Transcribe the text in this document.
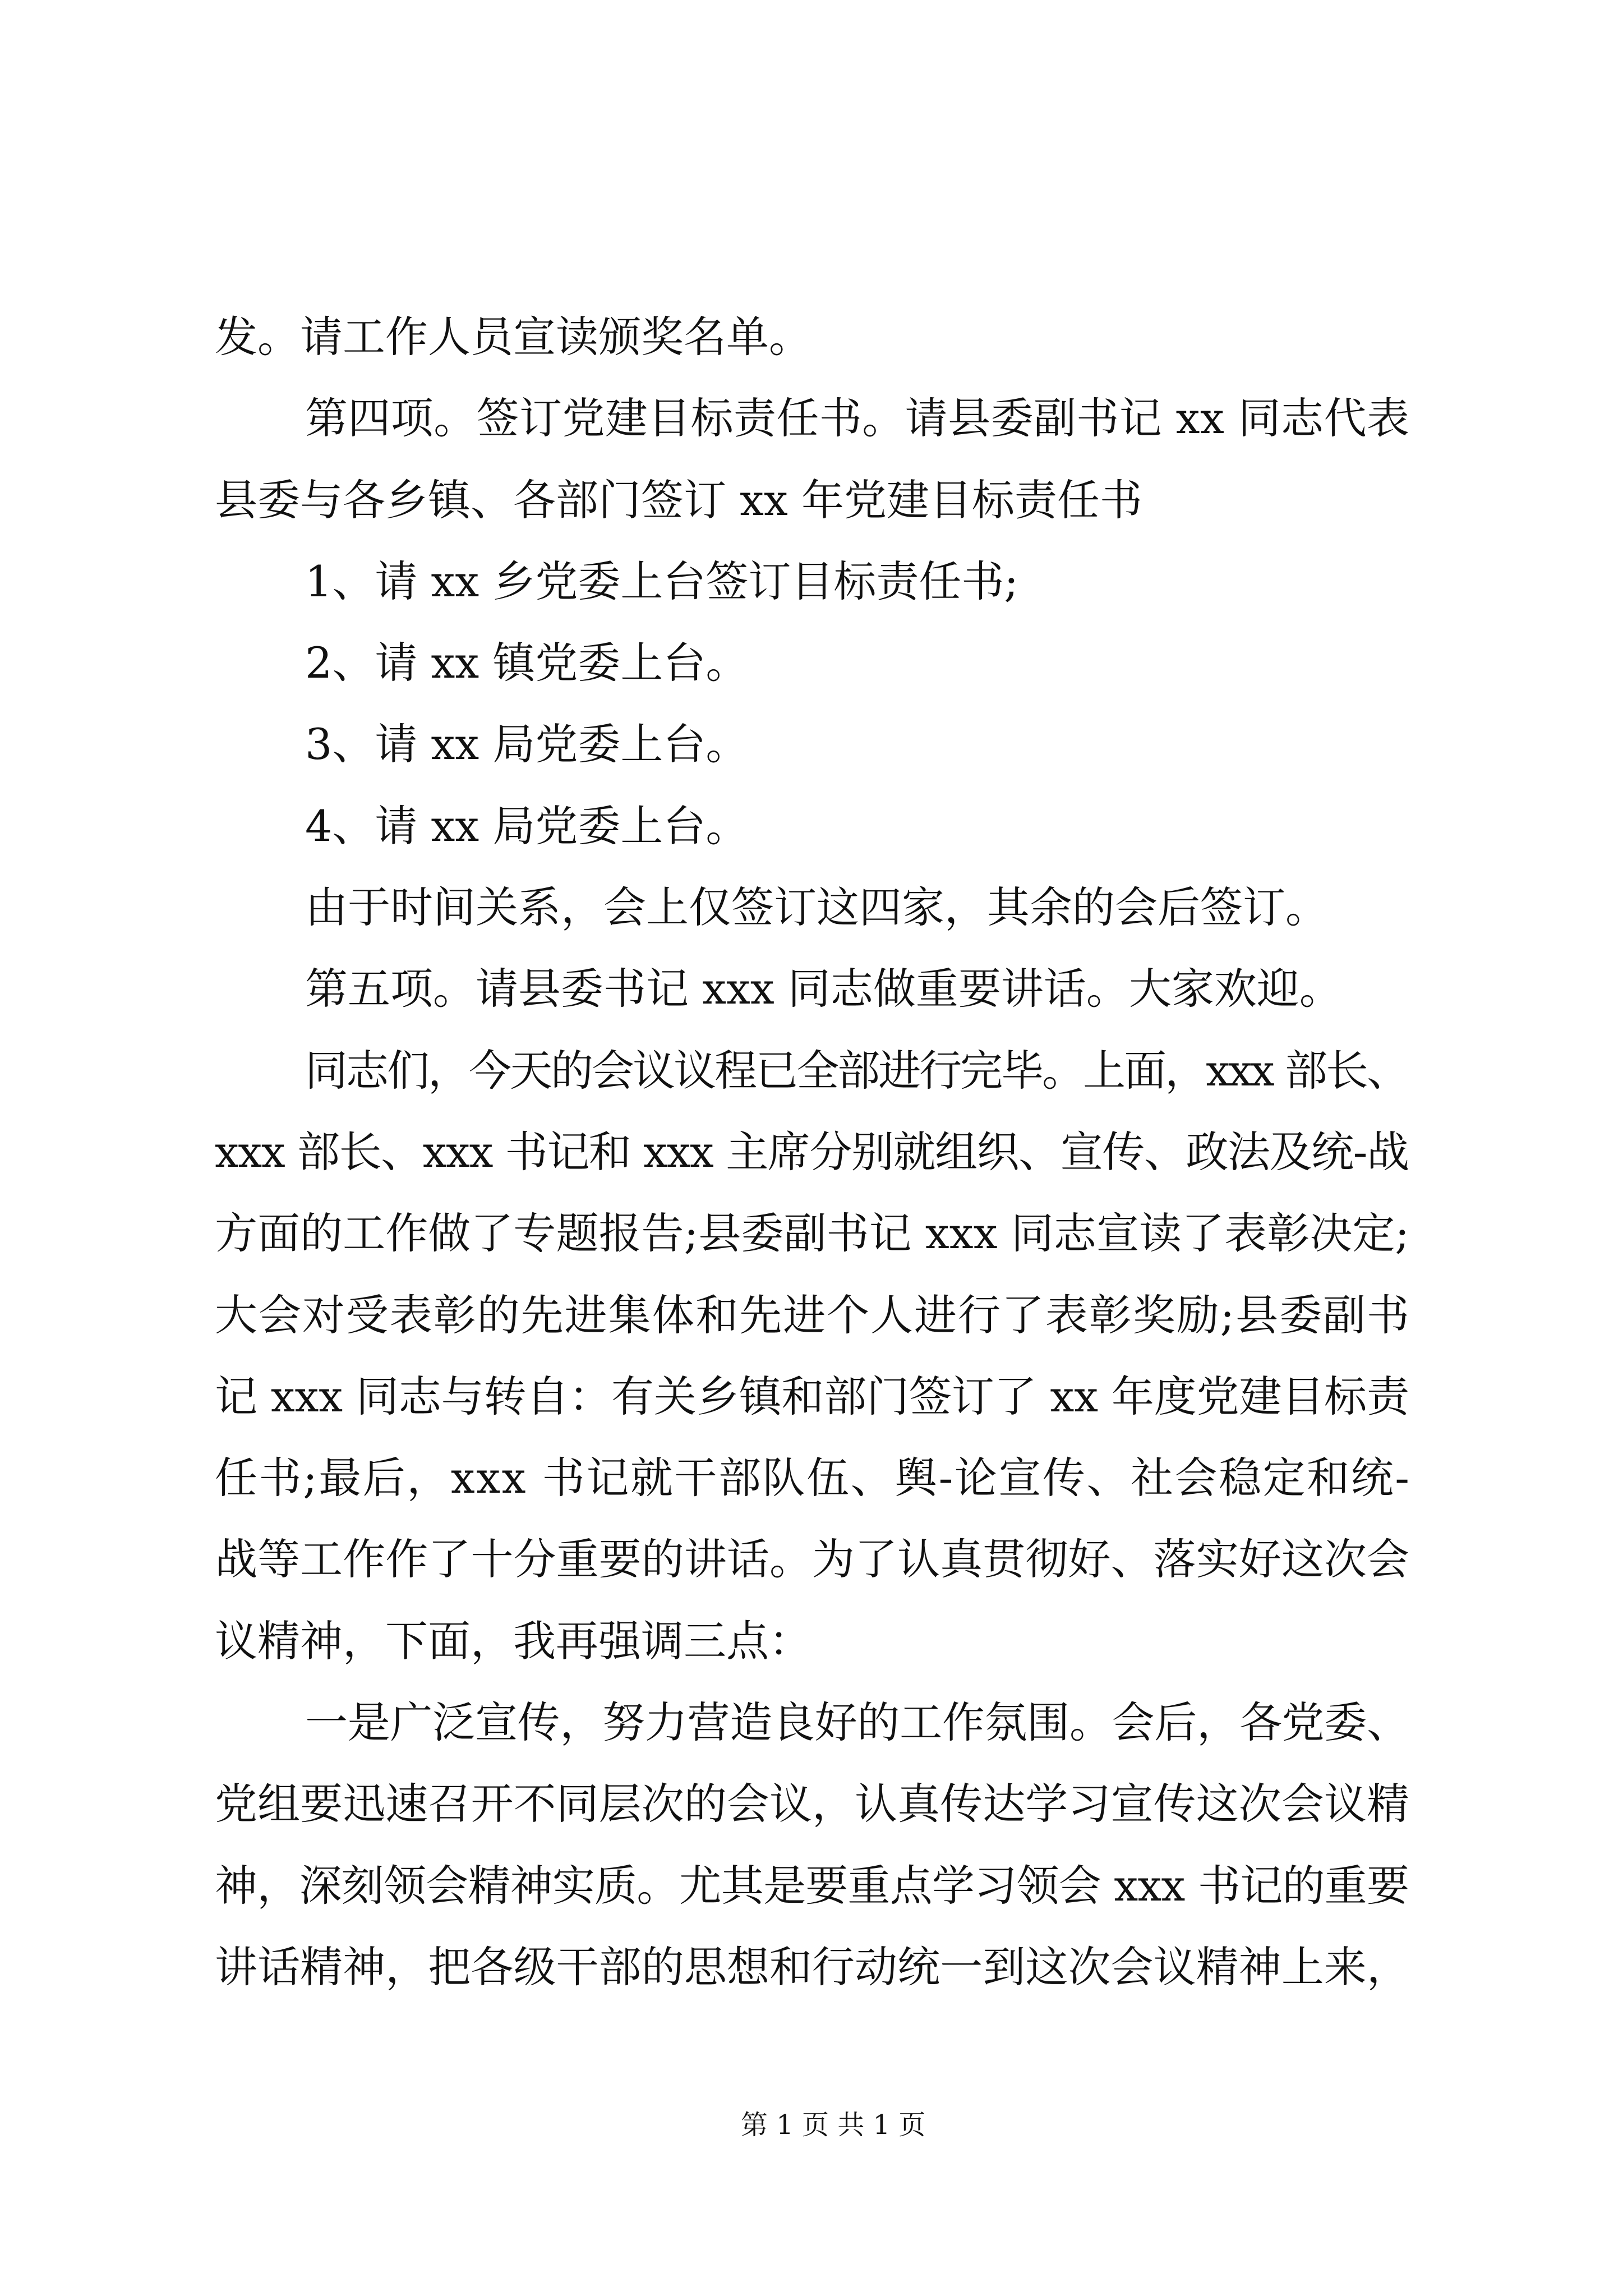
发。请工作人员宣读颁奖名单。
第四项。签订党建目标责任书。请县委副书记 xx 同志代表
县委与各乡镇、各部门签订 xx 年党建目标责任书
1、请 xx 乡党委上台签订目标责任书;
2、请 xx 镇党委上台。
3、请 xx 局党委上台。
4、请 xx 局党委上台。
由于时间关系，会上仅签订这四家，其余的会后签订。
第五项。请县委书记 xxx 同志做重要讲话。大家欢迎。
同志们，今天的会议议程已全部进行完毕。上面，xxx 部长、
xxx 部长、xxx 书记和 xxx 主席分别就组织、宣传、政法及统-战
方面的工作做了专题报告;县委副书记 xxx 同志宣读了表彰决定;
大会对受表彰的先进集体和先进个人进行了表彰奖励;县委副书
记 xxx 同志与转自：有关乡镇和部门签订了 xx 年度党建目标责
任书;最后，xxx 书记就干部队伍、舆-论宣传、社会稳定和统-
战等工作作了十分重要的讲话。为了认真贯彻好、落实好这次会
议精神，下面，我再强调三点：
一是广泛宣传，努力营造良好的工作氛围。会后，各党委、
党组要迅速召开不同层次的会议，认真传达学习宣传这次会议精
神，深刻领会精神实质。尤其是要重点学习领会 xxx 书记的重要
讲话精神，把各级干部的思想和行动统一到这次会议精神上来，
第 1 页 共 1 页
